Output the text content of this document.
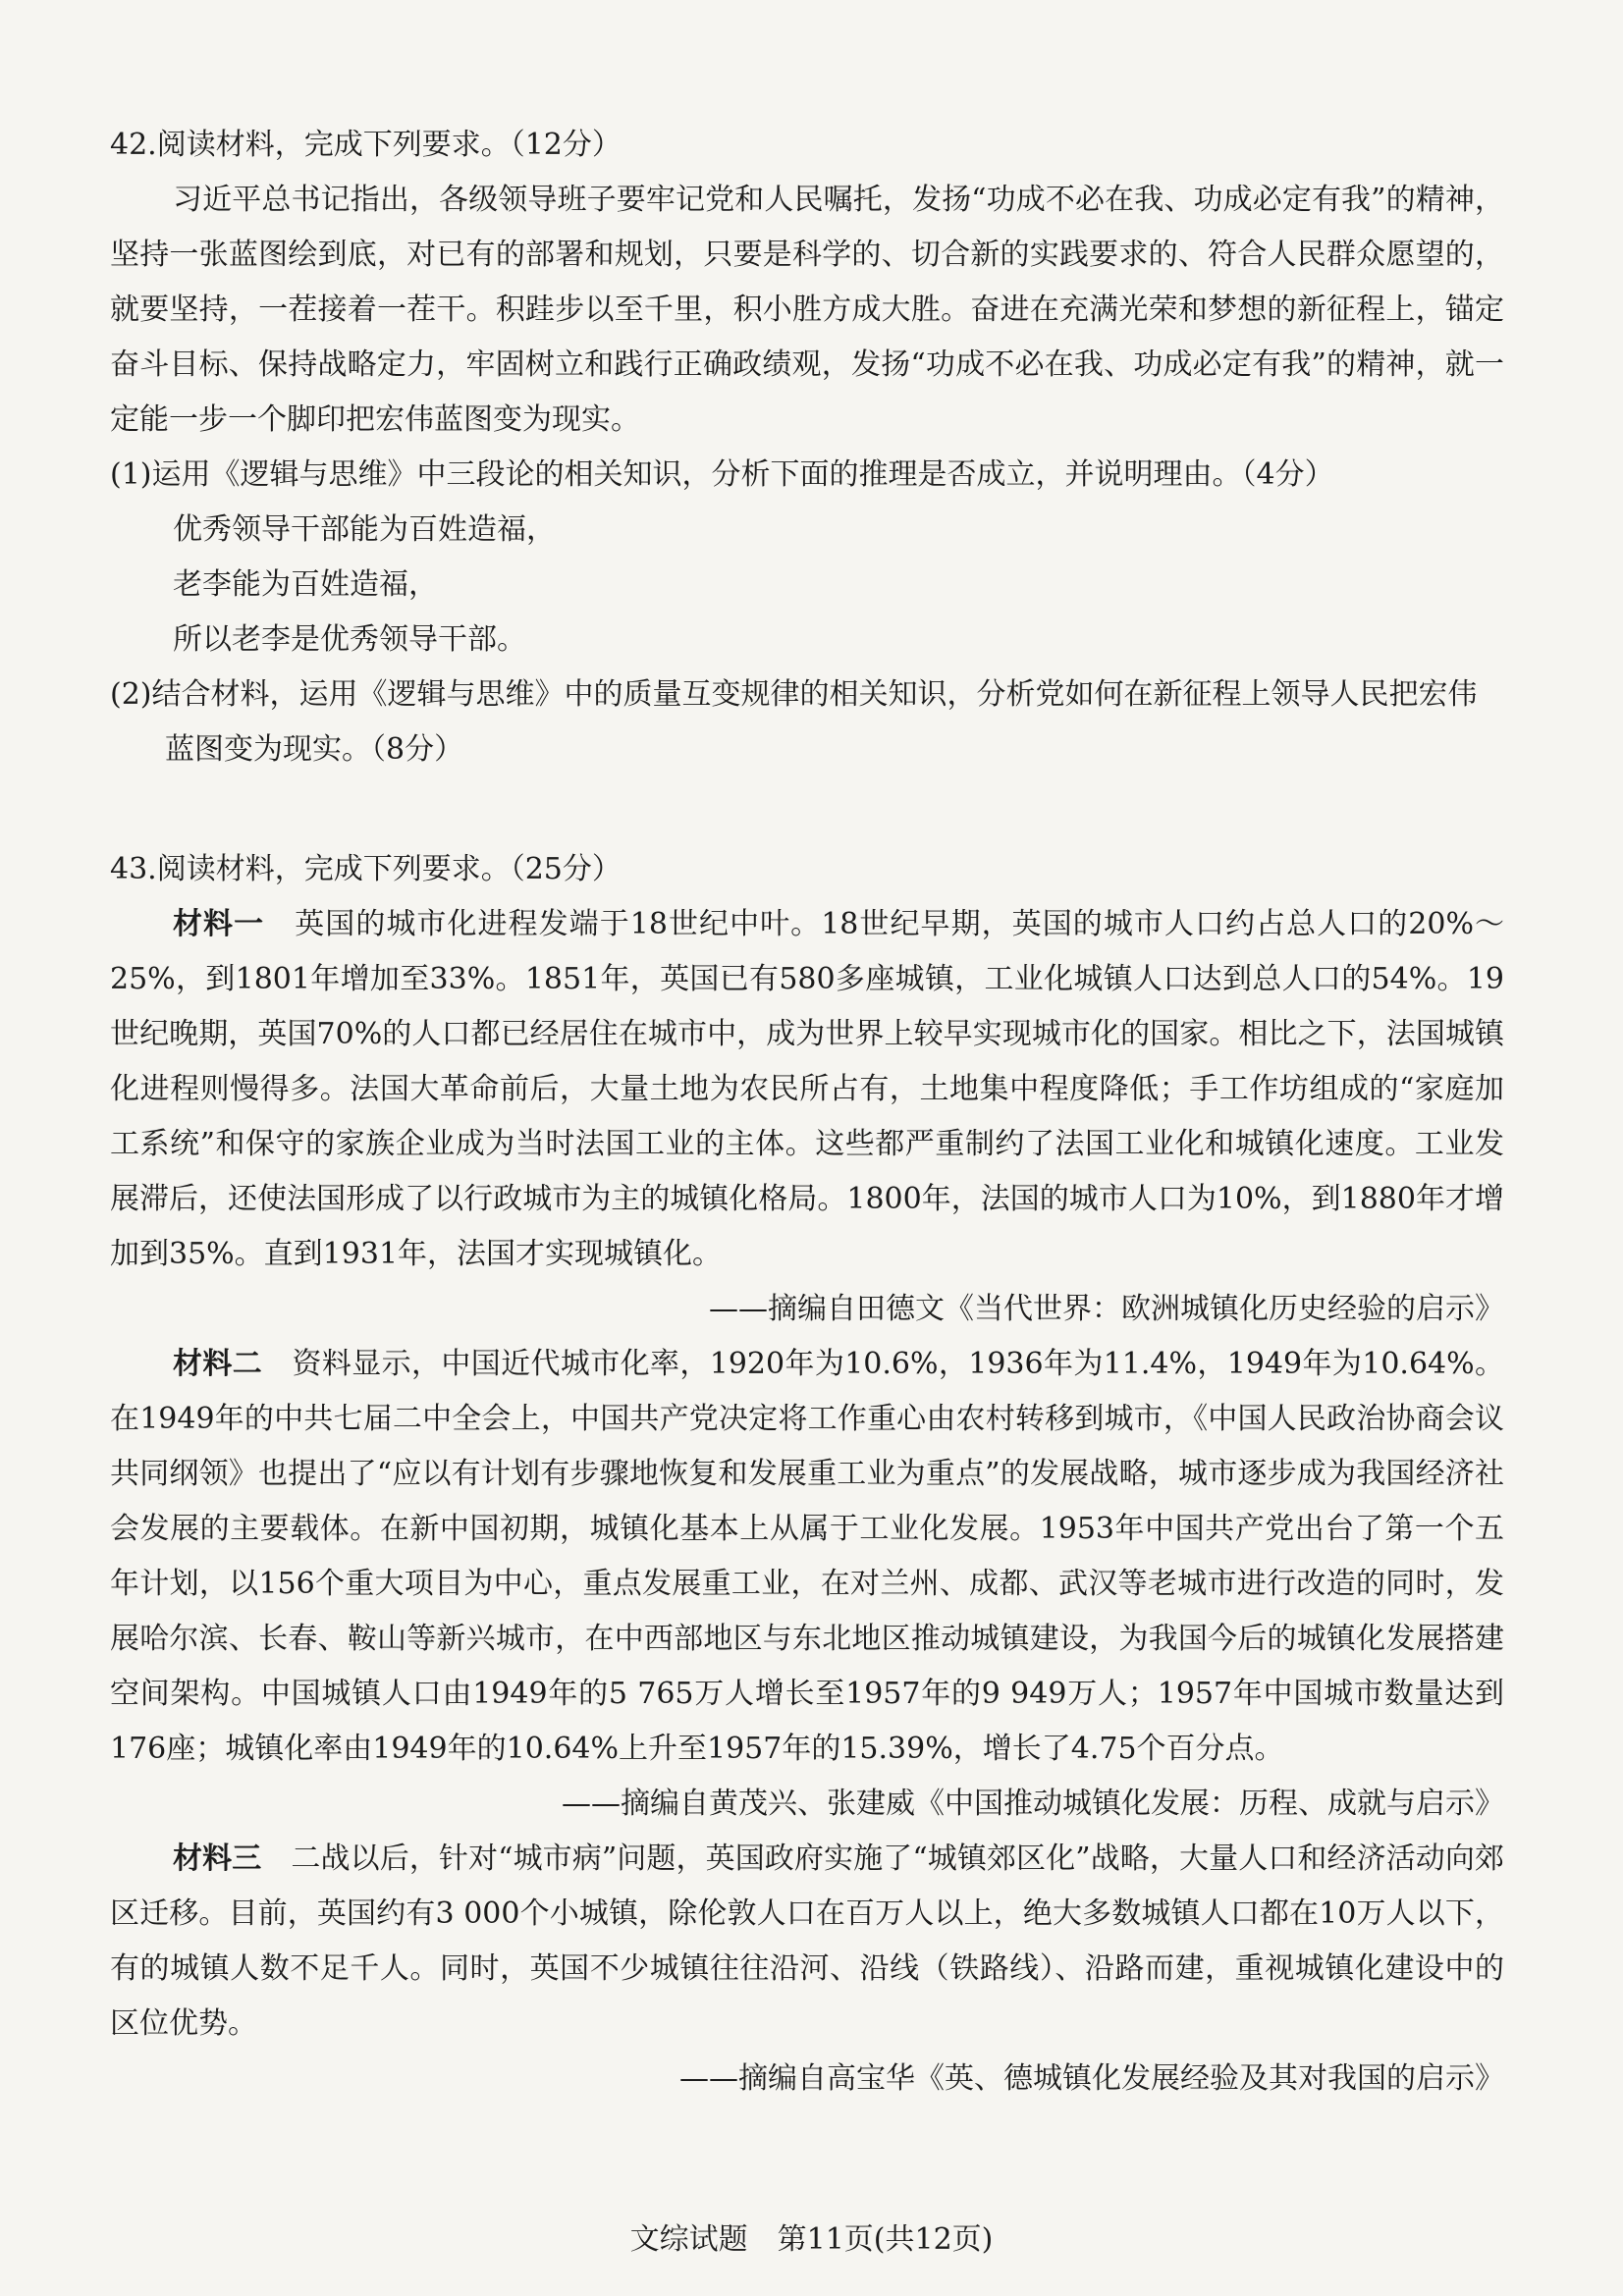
42.阅读材料，完成下列要求。（12分）

习近平总书记指出，各级领导班子要牢记党和人民嘱托，发扬“功成不必在我、功成必定有我”的精神，坚持一张蓝图绘到底，对已有的部署和规划，只要是科学的、切合新的实践要求的、符合人民群众愿望的，就要坚持，一茬接着一茬干。积跬步以至千里，积小胜方成大胜。奋进在充满光荣和梦想的新征程上，锚定奋斗目标、保持战略定力，牢固树立和践行正确政绩观，发扬“功成不必在我、功成必定有我”的精神，就一定能一步一个脚印把宏伟蓝图变为现实。

(1)运用《逻辑与思维》中三段论的相关知识，分析下面的推理是否成立，并说明理由。（4分）

优秀领导干部能为百姓造福，

老李能为百姓造福，

所以老李是优秀领导干部。

(2)结合材料，运用《逻辑与思维》中的质量互变规律的相关知识，分析党如何在新征程上领导人民把宏伟蓝图变为现实。（8分）

43.阅读材料，完成下列要求。（25分）

材料一　 英国的城市化进程发端于18世纪中叶。18世纪早期，英国的城市人口约占总人口的20%～25%，到1801年增加至33%。1851年，英国已有580多座城镇，工业化城镇人口达到总人口的54%。19世纪晚期，英国70%的人口都已经居住在城市中，成为世界上较早实现城市化的国家。相比之下，法国城镇化进程则慢得多。法国大革命前后，大量土地为农民所占有，土地集中程度降低；手工作坊组成的“家庭加工系统”和保守的家族企业成为当时法国工业的主体。这些都严重制约了法国工业化和城镇化速度。工业发展滞后，还使法国形成了以行政城市为主的城镇化格局。1800年，法国的城市人口为10%，到1880年才增加到35%。直到1931年，法国才实现城镇化。

——摘编自田德文《当代世界：欧洲城镇化历史经验的启示》

材料二　 资料显示，中国近代城市化率，1920年为10.6%，1936年为11.4%，1949年为10.64%。在1949年的中共七届二中全会上，中国共产党决定将工作重心由农村转移到城市，《中国人民政治协商会议共同纲领》也提出了“应以有计划有步骤地恢复和发展重工业为重点”的发展战略，城市逐步成为我国经济社会发展的主要载体。在新中国初期，城镇化基本上从属于工业化发展。1953年中国共产党出台了第一个五年计划，以156个重大项目为中心，重点发展重工业，在对兰州、成都、武汉等老城市进行改造的同时，发展哈尔滨、长春、鞍山等新兴城市，在中西部地区与东北地区推动城镇建设，为我国今后的城镇化发展搭建空间架构。中国城镇人口由1949年的5 765万人增长至1957年的9 949万人；1957年中国城市数量达到176座；城镇化率由1949年的10.64%上升至1957年的15.39%，增长了4.75个百分点。

——摘编自黄茂兴、张建威《中国推动城镇化发展：历程、成就与启示》

材料三　 二战以后，针对“城市病”问题，英国政府实施了“城镇郊区化”战略，大量人口和经济活动向郊区迁移。目前，英国约有3 000个小城镇，除伦敦人口在百万人以上，绝大多数城镇人口都在10万人以下，有的城镇人数不足千人。同时，英国不少城镇往往沿河、沿线（铁路线）、沿路而建，重视城镇化建设中的区位优势。

——摘编自高宝华《英、德城镇化发展经验及其对我国的启示》

文综试题　第11页(共12页)
